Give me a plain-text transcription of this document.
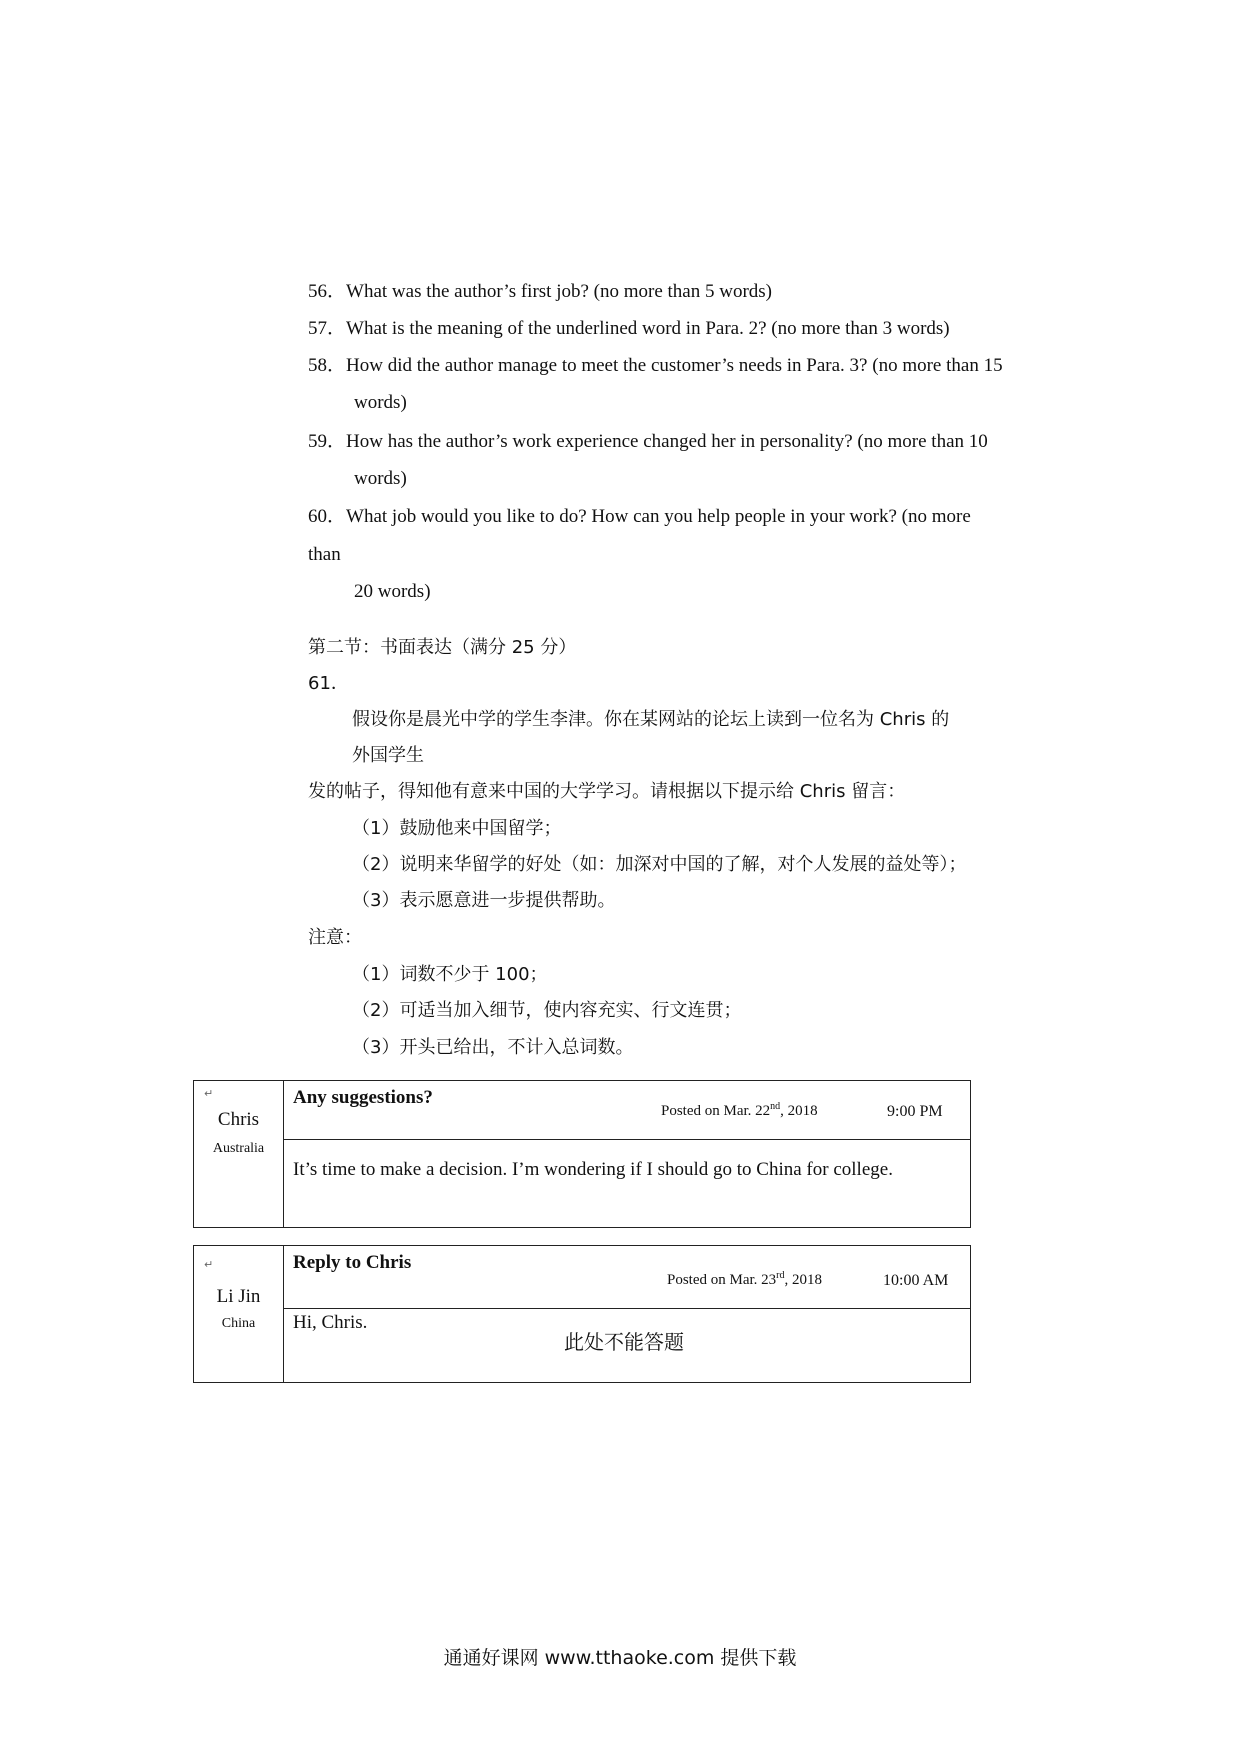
56．What was the author’s first job? (no more than 5 words)
57．What is the meaning of the underlined word in Para. 2? (no more than 3 words)
58．How did the author manage to meet the customer’s needs in Para. 3? (no more than 15
words)
59．How has the author’s work experience changed her in personality? (no more than 10
words)
60．What job would you like to do? How can you help people in your work? (no more
than
20 words)
第二节：书面表达（满分 25 分）
61．
假设你是晨光中学的学生李津。你在某网站的论坛上读到一位名为 Chris 的
外国学生
发的帖子，得知他有意来中国的大学学习。请根据以下提示给 Chris 留言：
（1）鼓励他来中国留学；
（2）说明来华留学的好处（如：加深对中国的了解，对个人发展的益处等）；
（3）表示愿意进一步提供帮助。
注意：
（1）词数不少于 100；
（2）可适当加入细节，使内容充实、行文连贯；
（3）开头已给出，不计入总词数。
↵
Chris
Australia
Any suggestions?
Posted on Mar. 22nd, 2018	9:00 PM
It’s time to make a decision. I’m wondering if I should go to China for college.
↵
Li Jin
China
Reply to Chris
Posted on Mar. 23rd, 2018	10:00 AM
Hi, Chris.
此处不能答题
通通好课网 www.tthaoke.com 提供下载
